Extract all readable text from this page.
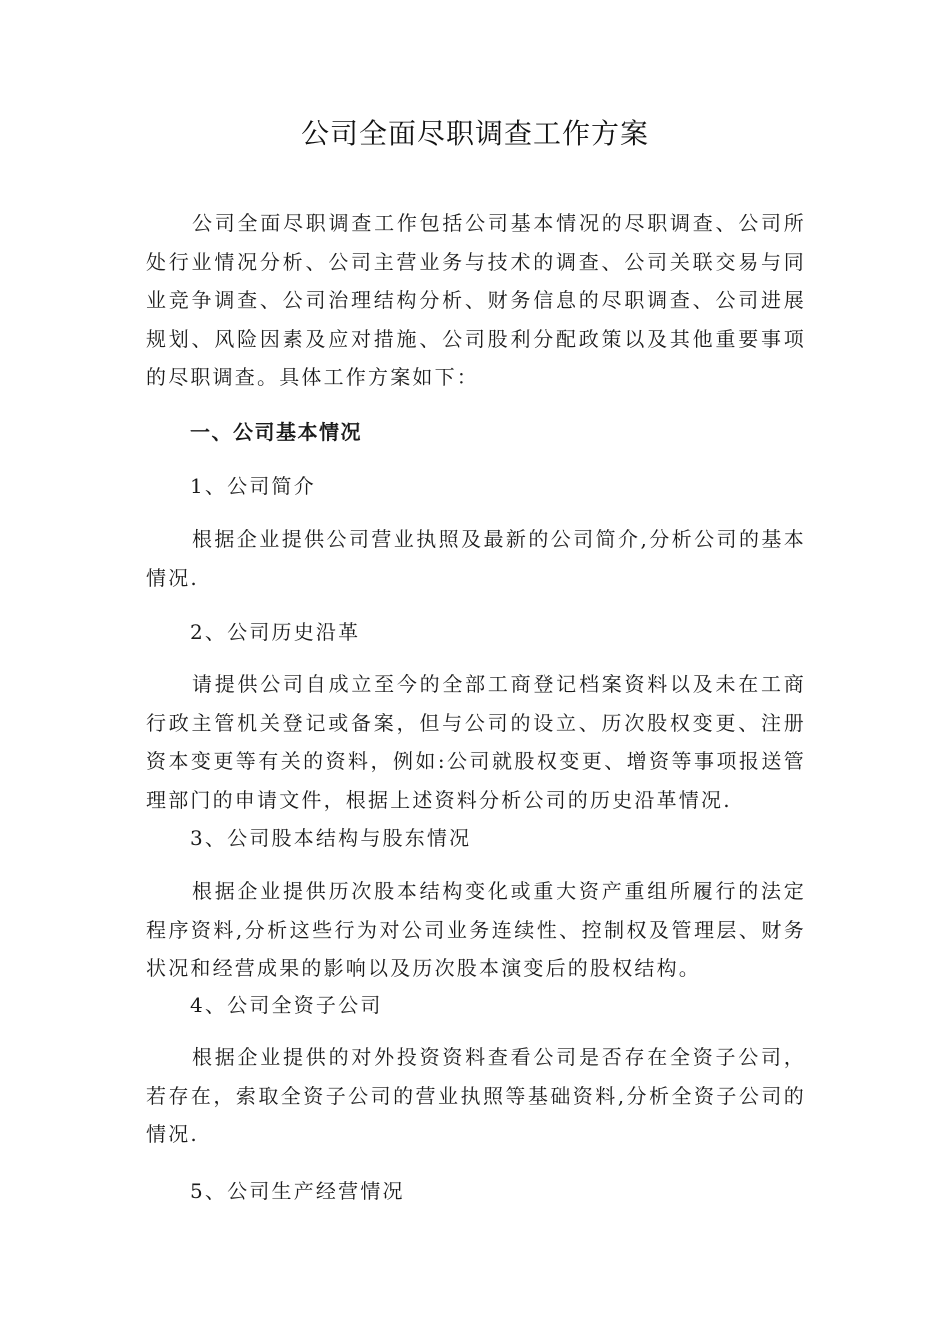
公司全面尽职调查工作方案

公司全面尽职调查工作包括公司基本情况的尽职调查、公司所处行业情况分析、公司主营业务与技术的调查、公司关联交易与同业竞争调查、公司治理结构分析、财务信息的尽职调查、公司进展规划、风险因素及应对措施、公司股利分配政策以及其他重要事项的尽职调查。具体工作方案如下：

一、公司基本情况

1、公司简介

根据企业提供公司营业执照及最新的公司简介,分析公司的基本情况.

2、公司历史沿革

请提供公司自成立至今的全部工商登记档案资料以及未在工商行政主管机关登记或备案，但与公司的设立、历次股权变更、注册资本变更等有关的资料，例如:公司就股权变更、增资等事项报送管理部门的申请文件，根据上述资料分析公司的历史沿革情况.

3、公司股本结构与股东情况

根据企业提供历次股本结构变化或重大资产重组所履行的法定程序资料,分析这些行为对公司业务连续性、控制权及管理层、财务状况和经营成果的影响以及历次股本演变后的股权结构。

4、公司全资子公司

根据企业提供的对外投资资料查看公司是否存在全资子公司，若存在，索取全资子公司的营业执照等基础资料,分析全资子公司的情况.

5、公司生产经营情况
